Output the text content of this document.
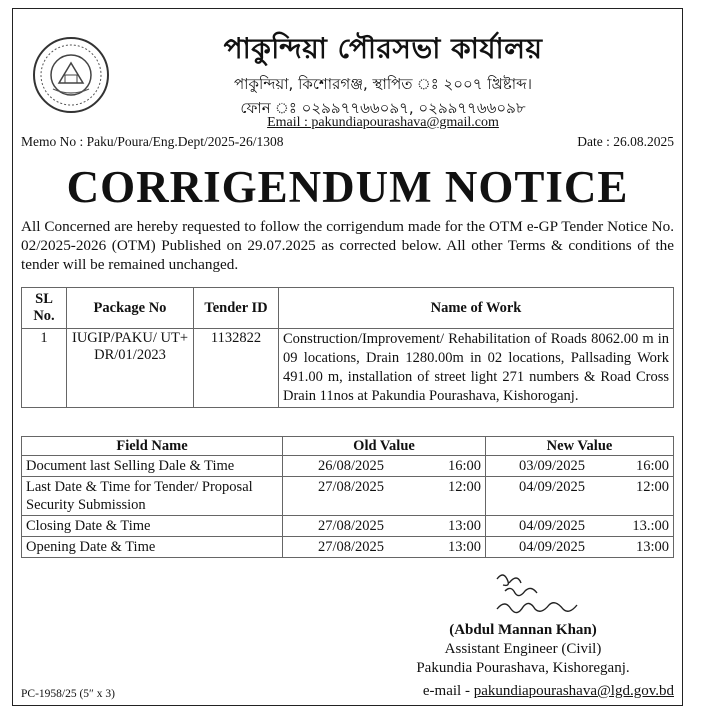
পাকুন্দিয়া পৌরসভা কার্যালয়
পাকুন্দিয়া, কিশোরগঞ্জ, স্থাপিত ঃ ২০০৭ খ্রিষ্টাব্দ।
ফোন ঃ ০২৯৯৭৭৬৬০৯৭, ০২৯৯৭৭৬৬০৯৮
Email : pakundiapourashava@gmail.com
Memo No : Paku/Poura/Eng.Dept/2025-26/1308	Date : 26.08.2025
CORRIGENDUM NOTICE
All Concerned are hereby requested to follow the corrigendum made for the OTM e-GP Tender Notice No. 02/2025-2026 (OTM) Published on 29.07.2025 as corrected below. All other Terms & conditions of the tender will be remained unchanged.
SL No.	Package No	Tender ID	Name of Work
1	IUGIP/PAKU/ UT+ DR/01/2023	1132822	Construction/Improvement/ Rehabilitation of Roads 8062.00 m in 09 locations, Drain 1280.00m in 02 locations, Pallsading Work 491.00 m, installation of street light 271 numbers & Road Cross Drain 11nos at Pakundia Pourashava, Kishoroganj.
Field Name	Old Value		New Value	
Document last Selling Dale & Time	26/08/2025	16:00	03/09/2025	16:00
Last Date & Time for Tender/ Proposal Security Submission	27/08/2025	12:00	04/09/2025	12:00
Closing Date & Time	27/08/2025	13:00	04/09/2025	13.:00
Opening Date & Time	27/08/2025	13:00	04/09/2025	13:00
(Abdul Mannan Khan)
Assistant Engineer (Civil)
Pakundia Pourashava, Kishoreganj.
e-mail - pakundiapourashava@lgd.gov.bd
PC-1958/25 (5″ x 3)
